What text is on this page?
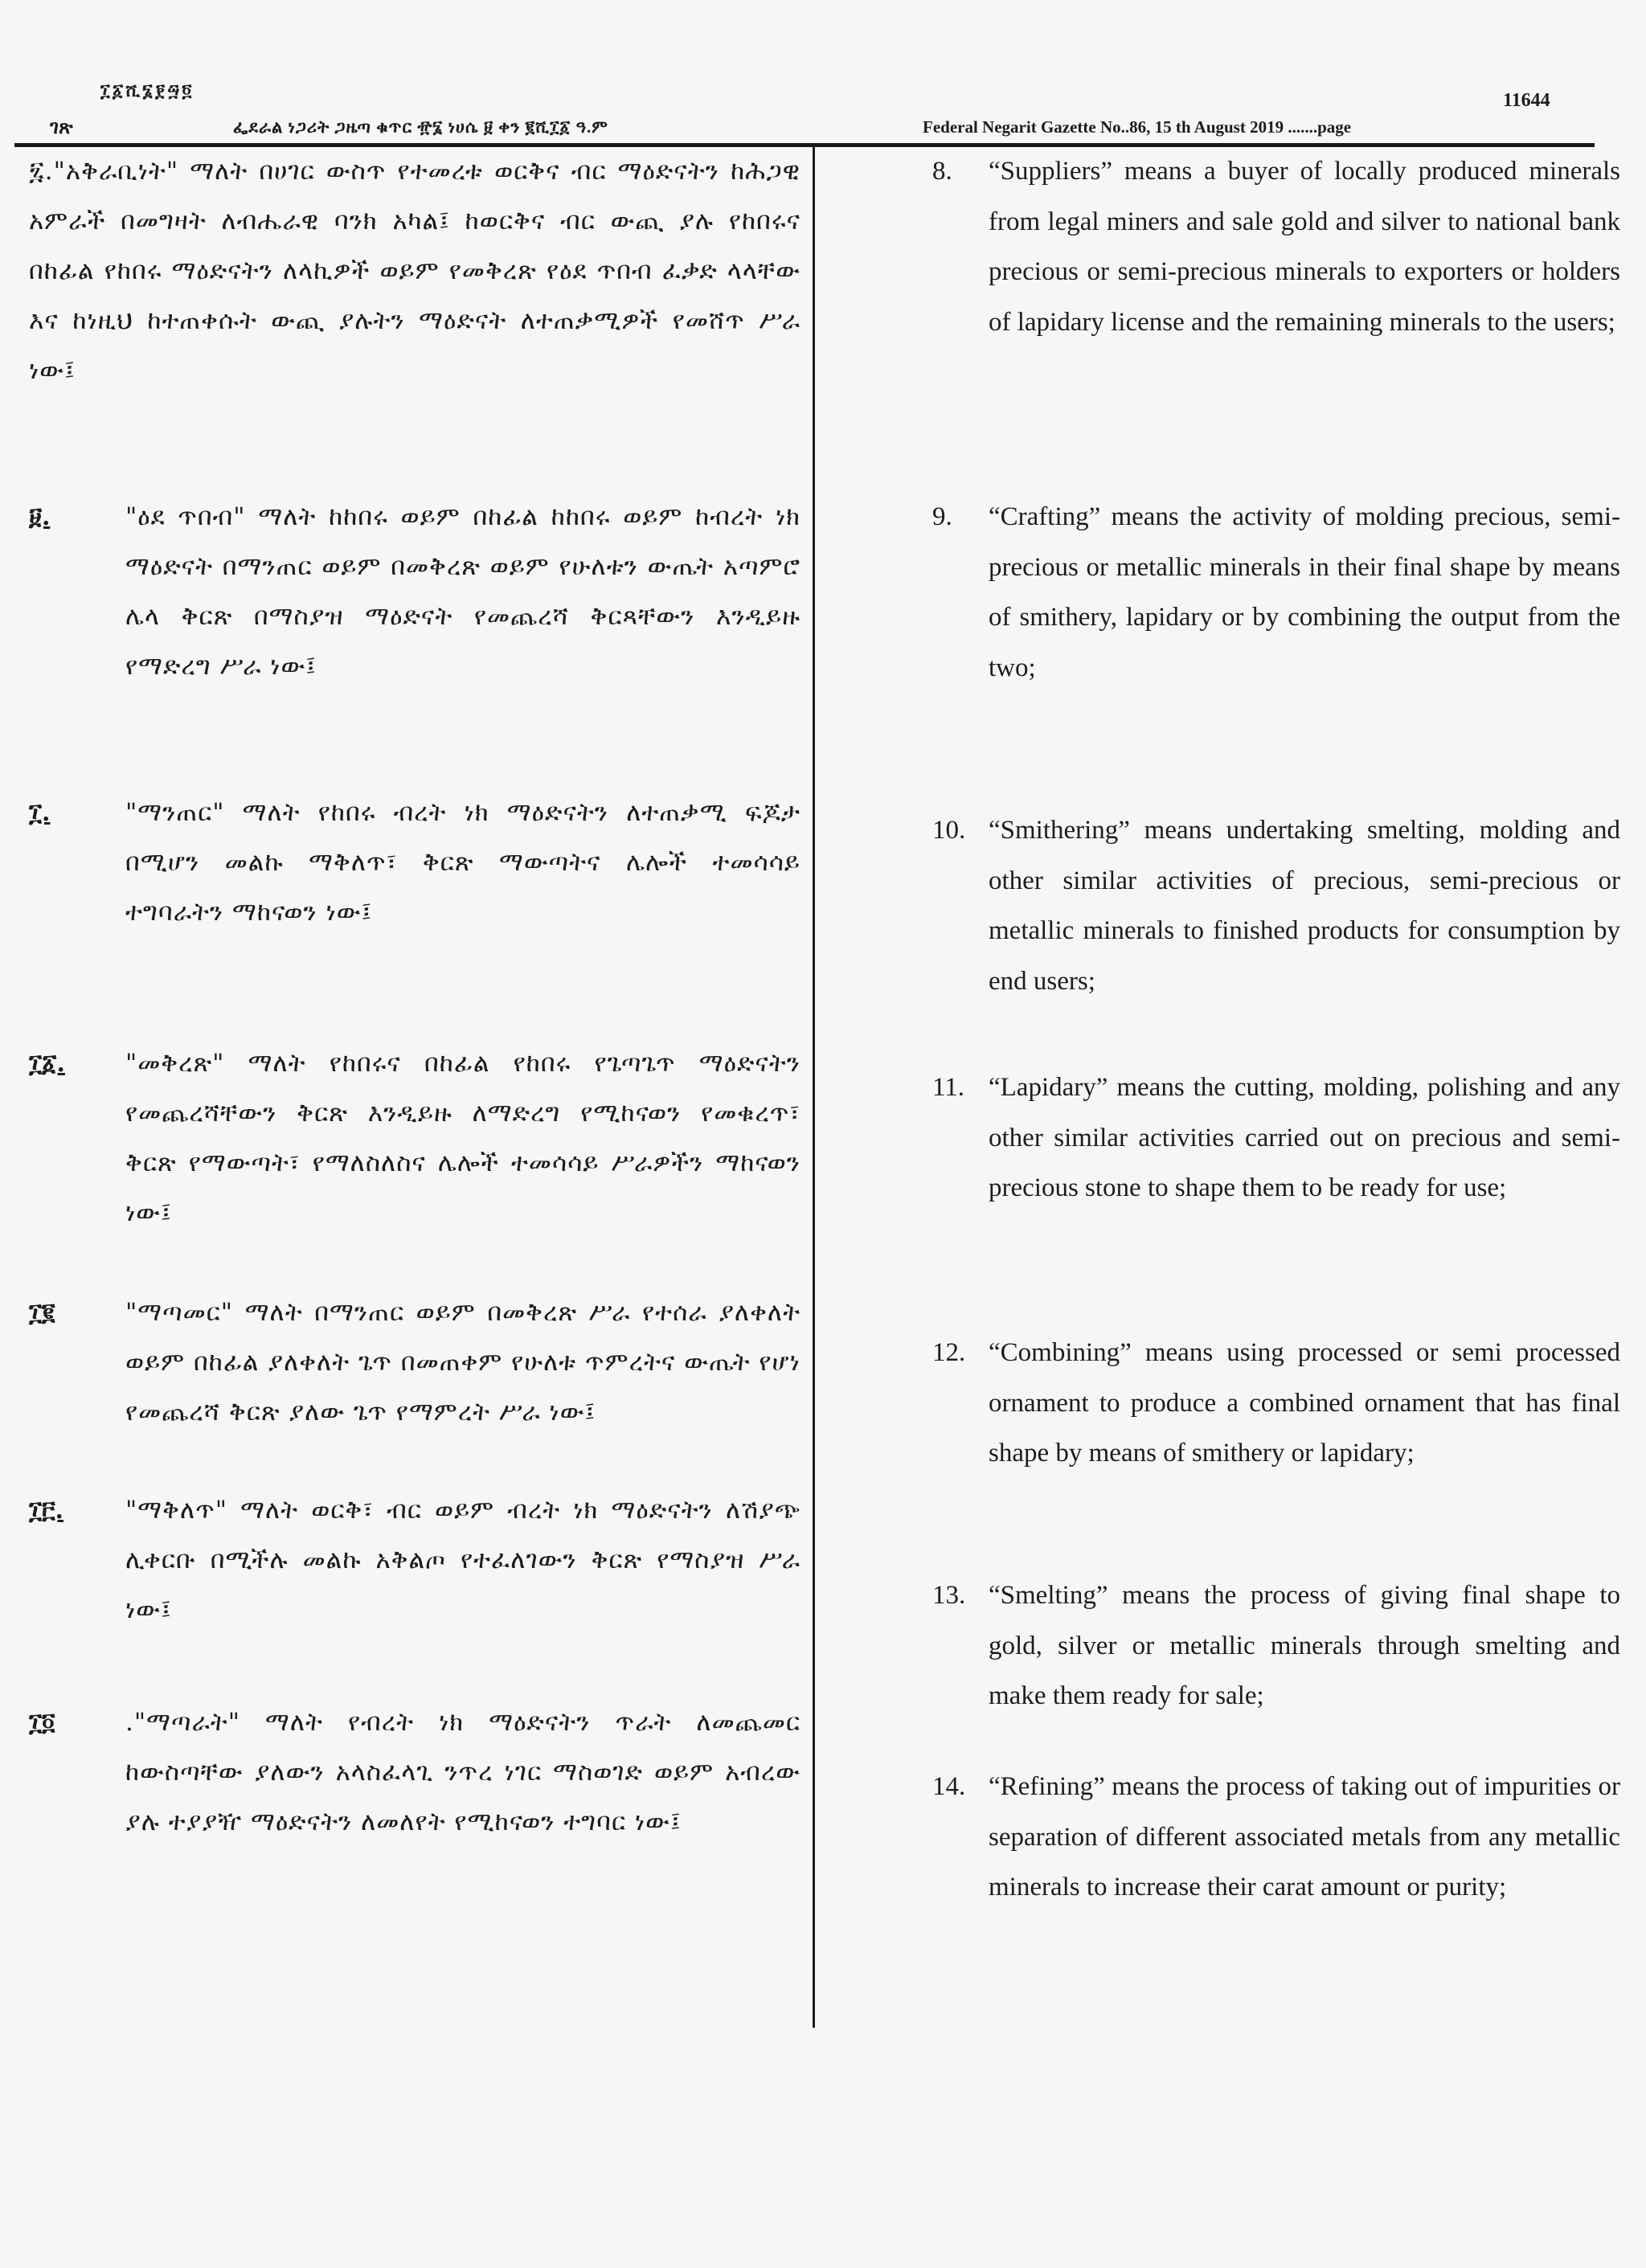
፲፩ሺ፮፻፵፬
ገጽ	ፌደራል ነጋሪት ጋዜጣ ቁጥር ፹፮ ነሀሴ ፱ ቀን ፪ሺ፲፩ ዓ.ም	Federal Negarit Gazette No..86, 15 th August 2019 .......page
11644
፯."አቅራቢነት" ማለት በሀገር ውስጥ የተመረቱ ወርቅና ብር ማዕድናትን ከሕጋዊ አምራች በመግዛት ለብሔራዊ ባንክ አካል፤ ከወርቅና ብር ውጪ ያሉ የከበሩና በከፊል የከበሩ ማዕድናትን ለላኪዎች ወይም የመቅረጽ የዕደ ጥበብ ፈቃድ ላላቸው እና ከነዚህ ከተጠቀሱት ውጪ ያሉትን ማዕድናት ለተጠቃሚዎች የመሸጥ ሥራ ነው፤
፱.	"ዕደ ጥበብ" ማለት ከከበሩ ወይም በከፊል ከከበሩ ወይም ከብረት ነክ ማዕድናት በማንጠር ወይም በመቅረጽ ወይም የሁለቱን ውጤት አጣምሮ ሌላ ቅርጽ በማስያዝ ማዕድናት የመጨረሻ ቅርጻቸውን እንዲይዙ የማድረግ ሥራ ነው፤
፲.	"ማንጠር" ማለት የከበሩ ብረት ነክ ማዕድናትን ለተጠቃሚ ፍጆታ በሚሆን መልኩ ማቅለጥ፣ ቅርጽ ማውጣትና ሌሎች ተመሳሳይ ተግባራትን ማከናወን ነው፤
፲፩.	"መቅረጽ" ማለት የከበሩና በከፊል የከበሩ የጌጣጌጥ ማዕድናትን የመጨረሻቸውን ቅርጽ እንዲይዙ ለማድረግ የሚከናወን የመቁረጥ፣ ቅርጽ የማውጣት፣ የማለስለስና ሌሎች ተመሳሳይ ሥራዎችን ማከናወን ነው፤
፲፪	"ማጣመር" ማለት በማንጠር ወይም በመቅረጽ ሥራ የተሰራ ያለቀለት ወይም በከፊል ያለቀለት ጌጥ በመጠቀም የሁለቱ ጥምረትና ውጤት የሆነ የመጨረሻ ቅርጽ ያለው ጌጥ የማምረት ሥራ ነው፤
፲፫.	"ማቅለጥ" ማለት ወርቅ፣ ብር ወይም ብረት ነክ ማዕድናትን ለሽያጭ ሊቀርቡ በሚችሉ መልኩ አቅልጦ የተፈለገውን ቅርጽ የማስያዝ ሥራ ነው፤
፲፬	."ማጣራት" ማለት የብረት ነክ ማዕድናትን ጥራት ለመጨመር ከውስጣቸው ያለውን አላስፈላጊ ንጥረ ነገር ማስወገድ ወይም አብረው ያሉ ተያያዥ ማዕድናትን ለመለየት የሚከናወን ተግባር ነው፤
8. “Suppliers” means a buyer of locally produced minerals from legal miners and sale gold and silver to national bank precious or semi-precious minerals to exporters or holders of lapidary license and the remaining minerals to the users;
9. “Crafting” means the activity of molding precious, semi-precious or metallic minerals in their final shape by means of smithery, lapidary or by combining the output from the two;
10. “Smithering” means undertaking smelting, molding and other similar activities of precious, semi-precious or metallic minerals to finished products for consumption by end users;
11. “Lapidary” means the cutting, molding, polishing and any other similar activities carried out on precious and semi-precious stone to shape them to be ready for use;
12. “Combining” means using processed or semi processed ornament to produce a combined ornament that has final shape by means of smithery or lapidary;
13. “Smelting” means the process of giving final shape to gold, silver or metallic minerals through smelting and make them ready for sale;
14. “Refining” means the process of taking out of impurities or separation of different associated metals from any metallic minerals to increase their carat amount or purity;
